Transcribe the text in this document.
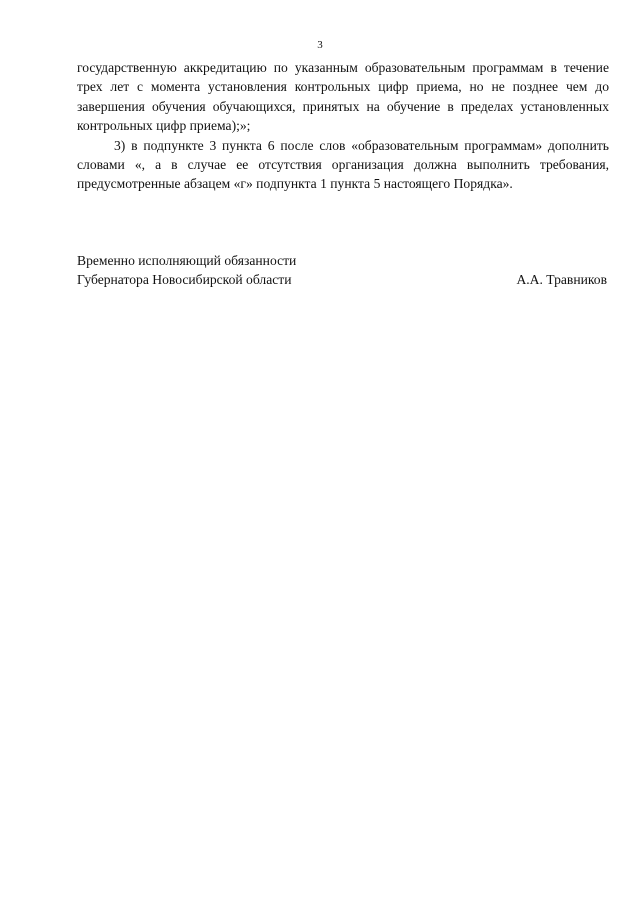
3

государственную аккредитацию по указанным образовательным программам в течение трех лет с момента установления контрольных цифр приема, но не позднее чем до завершения обучения обучающихся, принятых на обучение в пределах установленных контрольных цифр приема);»;

3) в подпункте 3 пункта 6 после слов «образовательным программам» дополнить словами «, а в случае ее отсутствия организация должна выполнить требования, предусмотренные абзацем «г» подпункта 1 пункта 5 настоящего Порядка».

Временно исполняющий обязанности
Губернатора Новосибирской области	А.А. Травников
